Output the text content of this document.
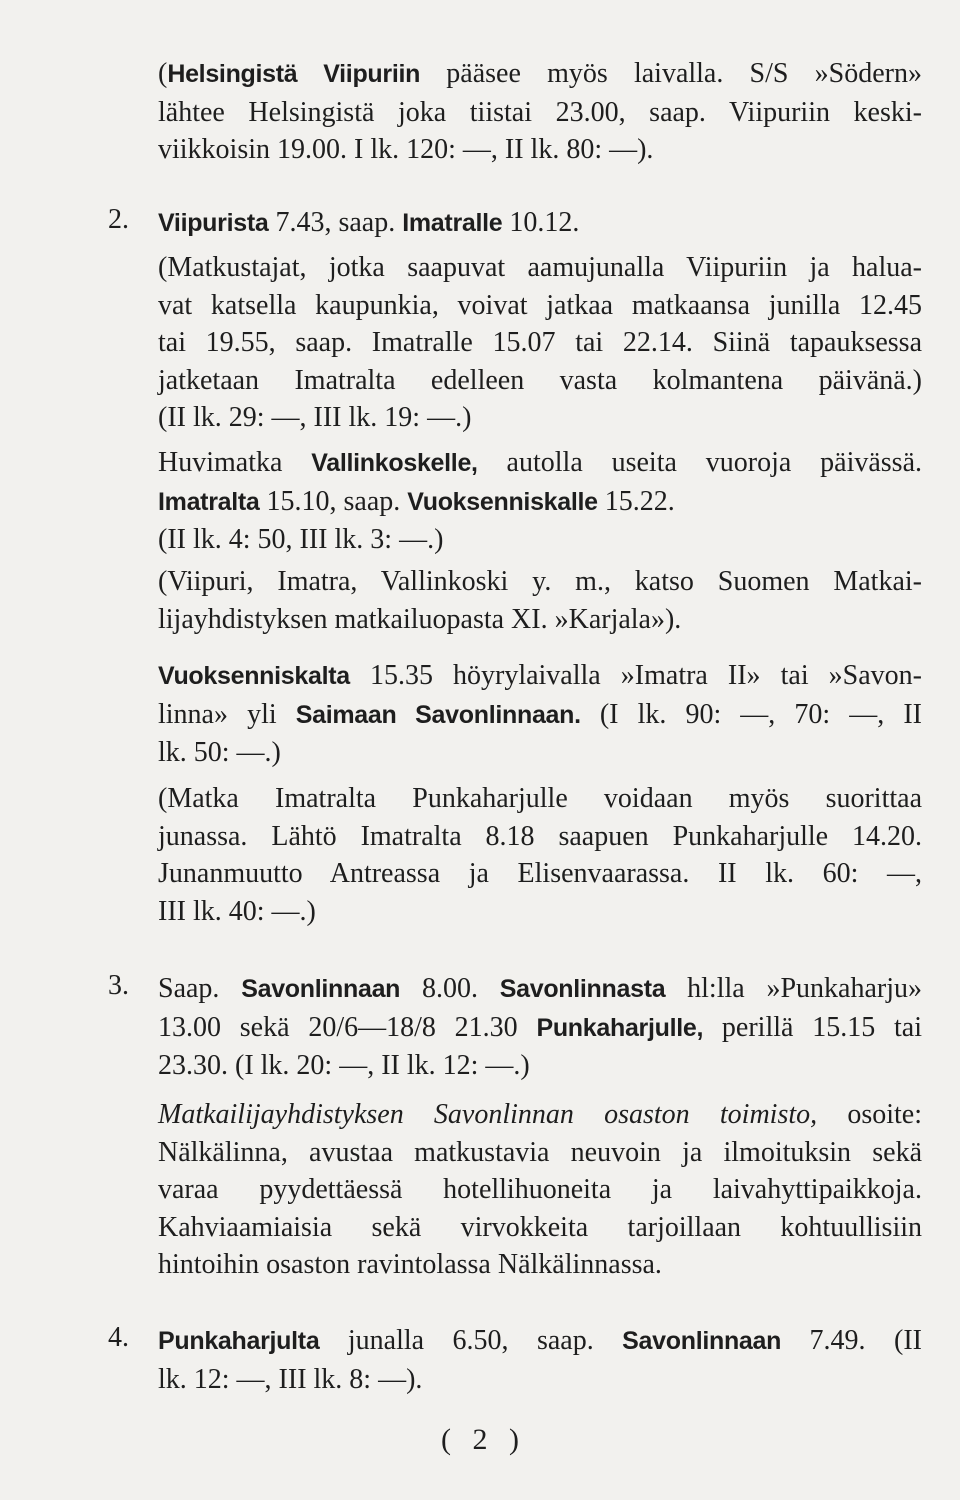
(Helsingistä Viipuriin pääsee myös laivalla. S/S »Södern»

lähtee Helsingistä joka tiistai 23.00, saap. Viipuriin keski-

viikkoisin 19.00. I lk. 120: —, II lk. 80: —).

2. Viipurista 7.43, saap. Imatralle 10.12.

(Matkustajat, jotka saapuvat aamujunalla Viipuriin ja halua-

vat katsella kaupunkia, voivat jatkaa matkaansa junilla 12.45

tai 19.55, saap. Imatralle 15.07 tai 22.14. Siinä tapauksessa

jatketaan Imatralta edelleen vasta kolmantena päivänä.)

(II lk. 29: —, III lk. 19: —.)

Huvimatka Vallinkoskelle, autolla useita vuoroja päivässä.

Imatralta 15.10, saap. Vuoksenniskalle 15.22.

(II lk. 4: 50, III lk. 3: —.)

(Viipuri, Imatra, Vallinkoski y. m., katso Suomen Matkai-

lijayhdistyksen matkailuopasta XI. »Karjala»).

Vuoksenniskalta 15.35 höyrylaivalla »Imatra II» tai »Savon-

linna» yli Saimaan Savonlinnaan. (I lk. 90: —, 70: —, II

lk. 50: —.)

(Matka Imatralta Punkaharjulle voidaan myös suorittaa

junassa. Lähtö Imatralta 8.18 saapuen Punkaharjulle 14.20.

Junanmuutto Antreassa ja Elisenvaarassa. II lk. 60: —,

III lk. 40: —.)

3. Saap. Savonlinnaan 8.00. Savonlinnasta hl:lla »Punkaharju»

13.00 sekä 20/6—18/8 21.30 Punkaharjulle, perillä 15.15 tai

23.30. (I lk. 20: —, II lk. 12: —.)

Matkailijayhdistyksen Savonlinnan osaston toimisto, osoite:

Nälkälinna, avustaa matkustavia neuvoin ja ilmoituksin sekä

varaa pyydettäessä hotellihuoneita ja laivahyttipaikkoja.

Kahviaamiaisia sekä virvokkeita tarjoillaan kohtuullisiin

hintoihin osaston ravintolassa Nälkälinnassa.

4. Punkaharjulta junalla 6.50, saap. Savonlinnaan 7.49. (II

lk. 12: —, III lk. 8: —).

( 2 )
